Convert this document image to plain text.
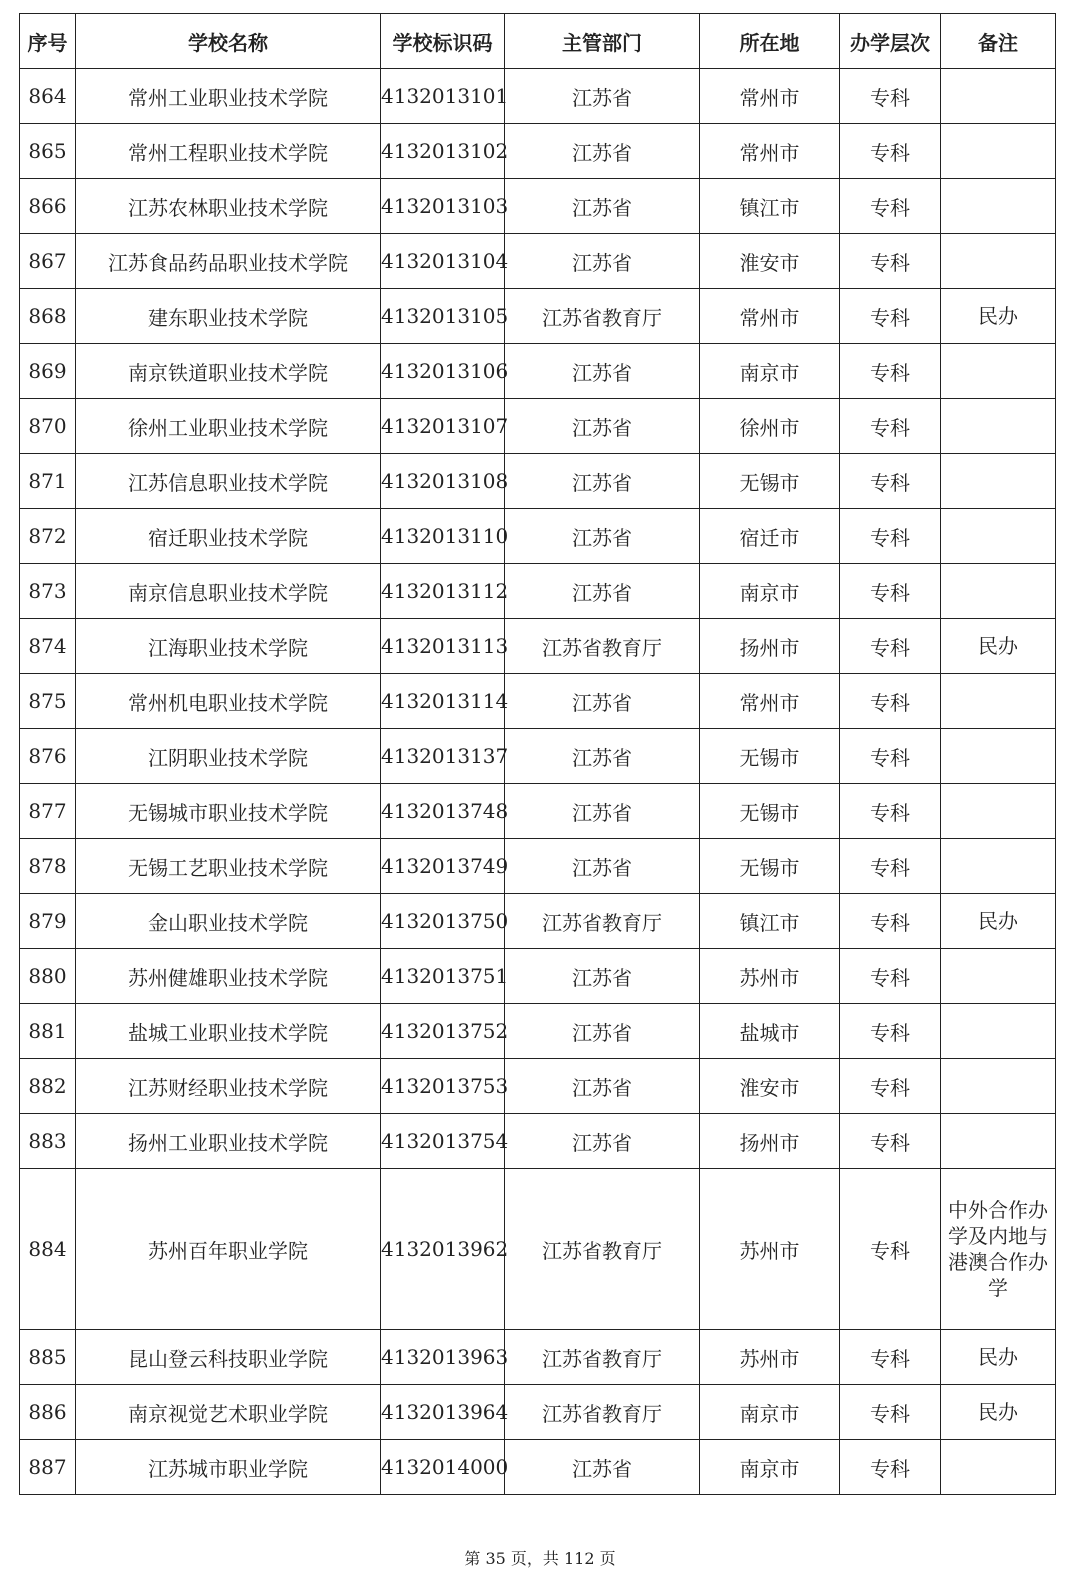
序号	学校名称	学校标识码	主管部门	所在地	办学层次	备注
864	常州工业职业技术学院	4132013101	江苏省	常州市	专科	
865	常州工程职业技术学院	4132013102	江苏省	常州市	专科	
866	江苏农林职业技术学院	4132013103	江苏省	镇江市	专科	
867	江苏食品药品职业技术学院	4132013104	江苏省	淮安市	专科	
868	建东职业技术学院	4132013105	江苏省教育厅	常州市	专科	民办
869	南京铁道职业技术学院	4132013106	江苏省	南京市	专科	
870	徐州工业职业技术学院	4132013107	江苏省	徐州市	专科	
871	江苏信息职业技术学院	4132013108	江苏省	无锡市	专科	
872	宿迁职业技术学院	4132013110	江苏省	宿迁市	专科	
873	南京信息职业技术学院	4132013112	江苏省	南京市	专科	
874	江海职业技术学院	4132013113	江苏省教育厅	扬州市	专科	民办
875	常州机电职业技术学院	4132013114	江苏省	常州市	专科	
876	江阴职业技术学院	4132013137	江苏省	无锡市	专科	
877	无锡城市职业技术学院	4132013748	江苏省	无锡市	专科	
878	无锡工艺职业技术学院	4132013749	江苏省	无锡市	专科	
879	金山职业技术学院	4132013750	江苏省教育厅	镇江市	专科	民办
880	苏州健雄职业技术学院	4132013751	江苏省	苏州市	专科	
881	盐城工业职业技术学院	4132013752	江苏省	盐城市	专科	
882	江苏财经职业技术学院	4132013753	江苏省	淮安市	专科	
883	扬州工业职业技术学院	4132013754	江苏省	扬州市	专科	
884	苏州百年职业学院	4132013962	江苏省教育厅	苏州市	专科	中外合作办学及内地与港澳合作办学
885	昆山登云科技职业学院	4132013963	江苏省教育厅	苏州市	专科	民办
886	南京视觉艺术职业学院	4132013964	江苏省教育厅	南京市	专科	民办
887	江苏城市职业学院	4132014000	江苏省	南京市	专科	
第 35 页，共 112 页
